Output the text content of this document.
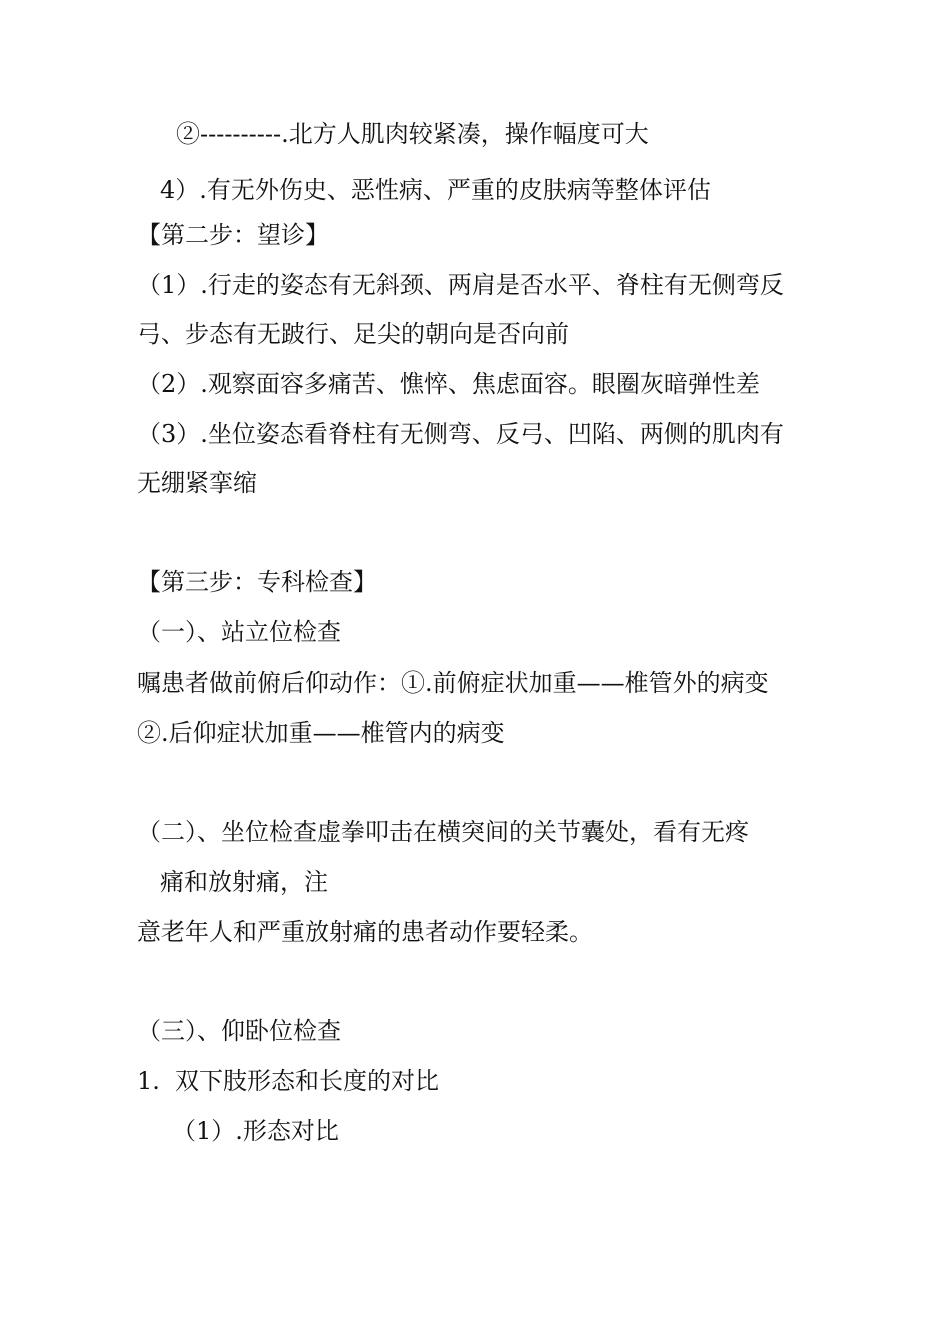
②----------.北方人肌肉较紧凑，操作幅度可大
4）.有无外伤史、恶性病、严重的皮肤病等整体评估
【第二步：望诊】
（1）.行走的姿态有无斜颈、两肩是否水平、脊柱有无侧弯反
弓、步态有无跛行、足尖的朝向是否向前
（2）.观察面容多痛苦、憔悴、焦虑面容。眼圈灰暗弹性差
（3）.坐位姿态看脊柱有无侧弯、反弓、凹陷、两侧的肌肉有
无绷紧挛缩
【第三步：专科检查】
（一）、站立位检查
嘱患者做前俯后仰动作：①.前俯症状加重——椎管外的病变
②.后仰症状加重——椎管内的病变
（二）、坐位检查虚拳叩击在横突间的关节囊处，看有无疼
痛和放射痛，注
意老年人和严重放射痛的患者动作要轻柔。
（三）、仰卧位检查
1. 双下肢形态和长度的对比
（1）.形态对比
